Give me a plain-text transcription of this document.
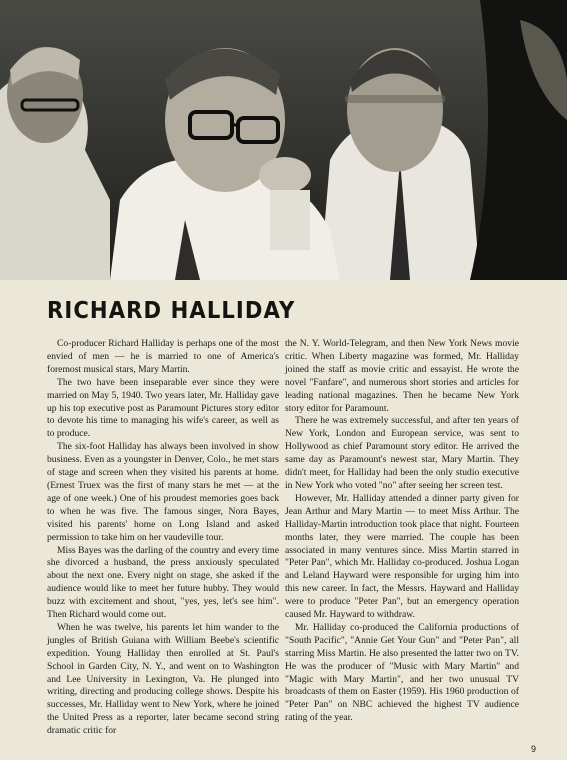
RICHARD HALLIDAY

Co-producer Richard Halliday is perhaps one of the most envied of men — he is married to one of America's foremost musical stars, Mary Martin.

The two have been inseparable ever since they were married on May 5, 1940. Two years later, Mr. Halliday gave up his top executive post as Paramount Pictures story editor to devote his time to managing his wife's career, as well as to produce.

The six-foot Halliday has always been involved in show business. Even as a youngster in Denver, Colo., he met stars of stage and screen when they visited his parents at home. (Ernest Truex was the first of many stars he met — at the age of one week.) One of his proudest memories goes back to when he was five. The famous singer, Nora Bayes, visited his parents' home on Long Island and asked permission to take him on her vaudeville tour.

Miss Bayes was the darling of the country and every time she divorced a husband, the press anxiously speculated about the next one. Every night on stage, she asked if the audience would like to meet her future hubby. They would buzz with excitement and shout, "yes, yes, let's see him". Then Richard would come out.

When he was twelve, his parents let him wander to the jungles of British Guiana with William Beebe's scientific expedition. Young Halliday then enrolled at St. Paul's School in Garden City, N. Y., and went on to Washington and Lee University in Lexington, Va. He plunged into writing, directing and producing college shows. Despite his successes, Mr. Halliday went to New York, where he joined the United Press as a reporter, later became second string dramatic critic for

the N. Y. World-Telegram, and then New York News movie critic. When Liberty magazine was formed, Mr. Halliday joined the staff as movie critic and essayist. He wrote the novel "Fanfare", and numerous short stories and articles for leading national magazines. Then he became New York story editor for Paramount.

There he was extremely successful, and after ten years of New York, London and European service, was sent to Hollywood as chief Paramount story editor. He arrived the same day as Paramount's newest star, Mary Martin. They didn't meet, for Halliday had been the only studio executive in New York who voted "no" after seeing her screen test.

However, Mr. Halliday attended a dinner party given for Jean Arthur and Mary Martin — to meet Miss Arthur. The Halliday-Martin introduction took place that night. Fourteen months later, they were married. The couple has been associated in many ventures since. Miss Martin starred in "Peter Pan", which Mr. Halliday co-produced. Joshua Logan and Leland Hayward were responsible for urging him into this new career. In fact, the Messrs. Hayward and Halliday were to produce "Peter Pan", but an emergency operation caused Mr. Hayward to withdraw.

Mr. Halliday co-produced the California productions of "South Pacific", "Annie Get Your Gun" and "Peter Pan", all starring Miss Martin. He also presented the latter two on TV. He was the producer of "Music with Mary Martin" and "Magic with Mary Martin", and her two unusual TV broadcasts of them on Easter (1959). His 1960 production of "Peter Pan" on NBC achieved the highest TV audience rating of the year.

9
